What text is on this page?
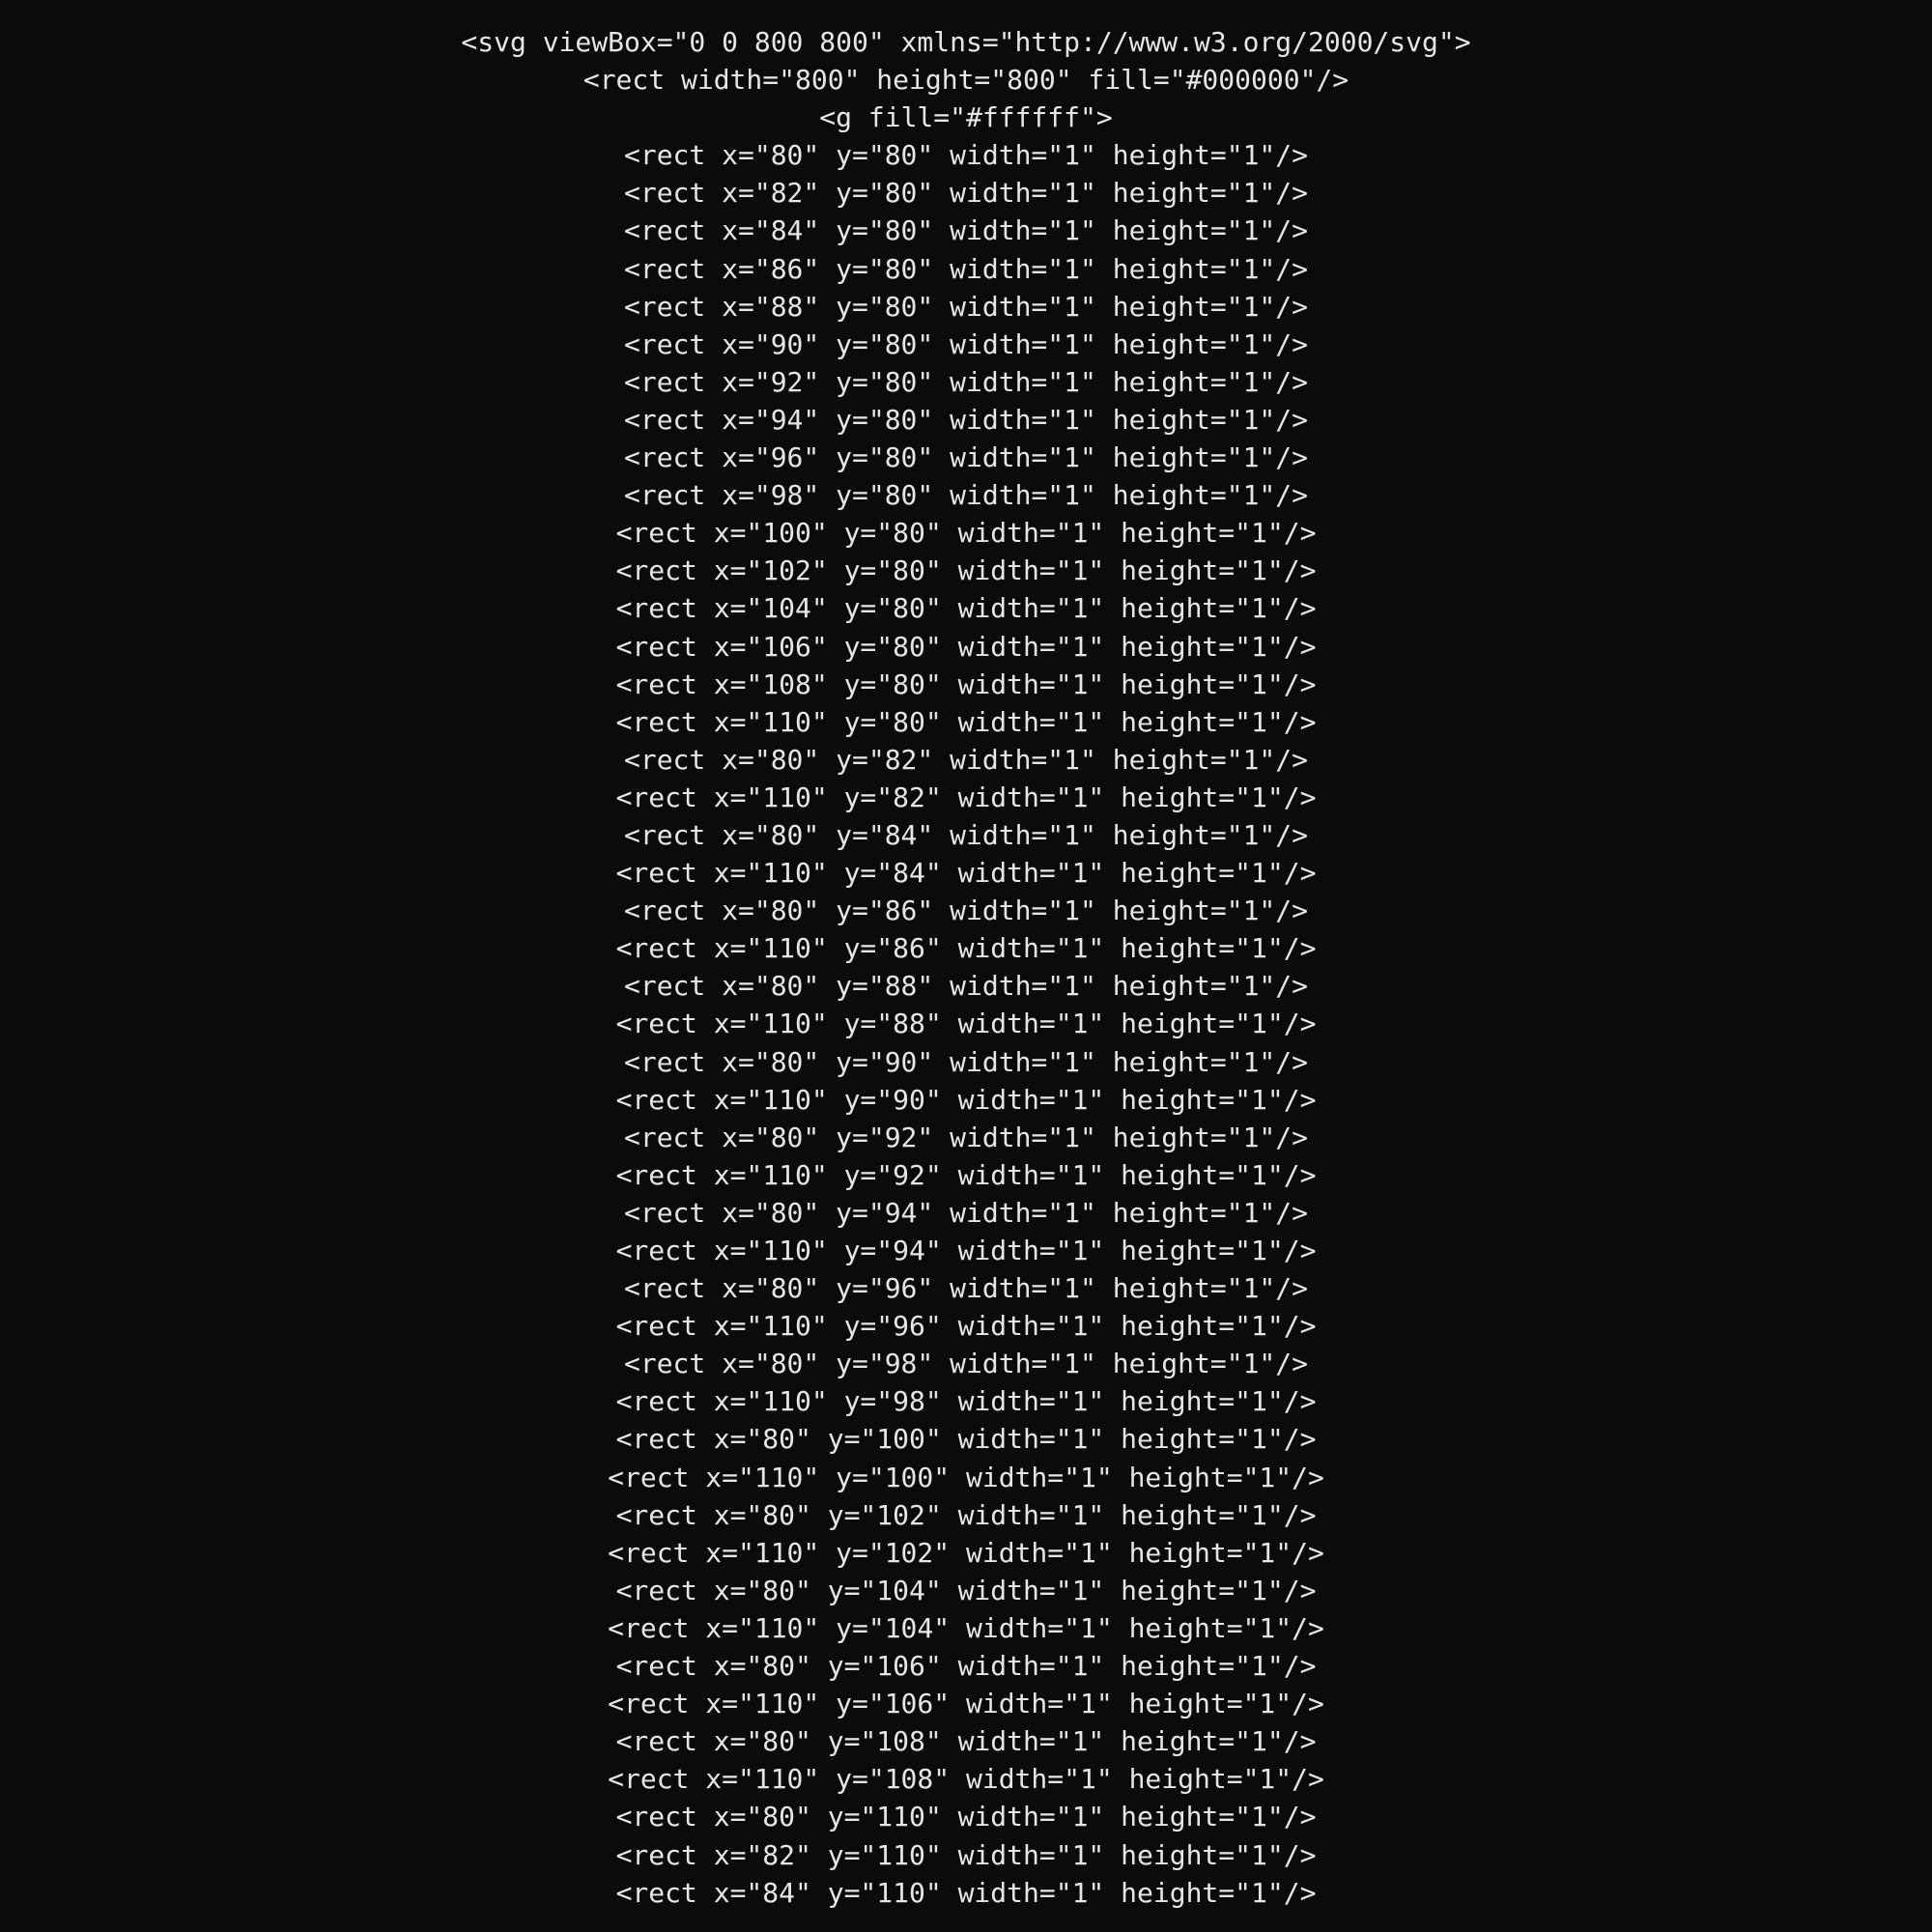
<svg viewBox="0 0 800 800" xmlns="http://www.w3.org/2000/svg">
<rect width="800" height="800" fill="#000000"/>
<g fill="#ffffff">
<rect x="80" y="80" width="1" height="1"/>
<rect x="82" y="80" width="1" height="1"/>
<rect x="84" y="80" width="1" height="1"/>
<rect x="86" y="80" width="1" height="1"/>
<rect x="88" y="80" width="1" height="1"/>
<rect x="90" y="80" width="1" height="1"/>
<rect x="92" y="80" width="1" height="1"/>
<rect x="94" y="80" width="1" height="1"/>
<rect x="96" y="80" width="1" height="1"/>
<rect x="98" y="80" width="1" height="1"/>
<rect x="100" y="80" width="1" height="1"/>
<rect x="102" y="80" width="1" height="1"/>
<rect x="104" y="80" width="1" height="1"/>
<rect x="106" y="80" width="1" height="1"/>
<rect x="108" y="80" width="1" height="1"/>
<rect x="110" y="80" width="1" height="1"/>
<rect x="80" y="82" width="1" height="1"/>
<rect x="110" y="82" width="1" height="1"/>
<rect x="80" y="84" width="1" height="1"/>
<rect x="110" y="84" width="1" height="1"/>
<rect x="80" y="86" width="1" height="1"/>
<rect x="110" y="86" width="1" height="1"/>
<rect x="80" y="88" width="1" height="1"/>
<rect x="110" y="88" width="1" height="1"/>
<rect x="80" y="90" width="1" height="1"/>
<rect x="110" y="90" width="1" height="1"/>
<rect x="80" y="92" width="1" height="1"/>
<rect x="110" y="92" width="1" height="1"/>
<rect x="80" y="94" width="1" height="1"/>
<rect x="110" y="94" width="1" height="1"/>
<rect x="80" y="96" width="1" height="1"/>
<rect x="110" y="96" width="1" height="1"/>
<rect x="80" y="98" width="1" height="1"/>
<rect x="110" y="98" width="1" height="1"/>
<rect x="80" y="100" width="1" height="1"/>
<rect x="110" y="100" width="1" height="1"/>
<rect x="80" y="102" width="1" height="1"/>
<rect x="110" y="102" width="1" height="1"/>
<rect x="80" y="104" width="1" height="1"/>
<rect x="110" y="104" width="1" height="1"/>
<rect x="80" y="106" width="1" height="1"/>
<rect x="110" y="106" width="1" height="1"/>
<rect x="80" y="108" width="1" height="1"/>
<rect x="110" y="108" width="1" height="1"/>
<rect x="80" y="110" width="1" height="1"/>
<rect x="82" y="110" width="1" height="1"/>
<rect x="84" y="110" width="1" height="1"/>
